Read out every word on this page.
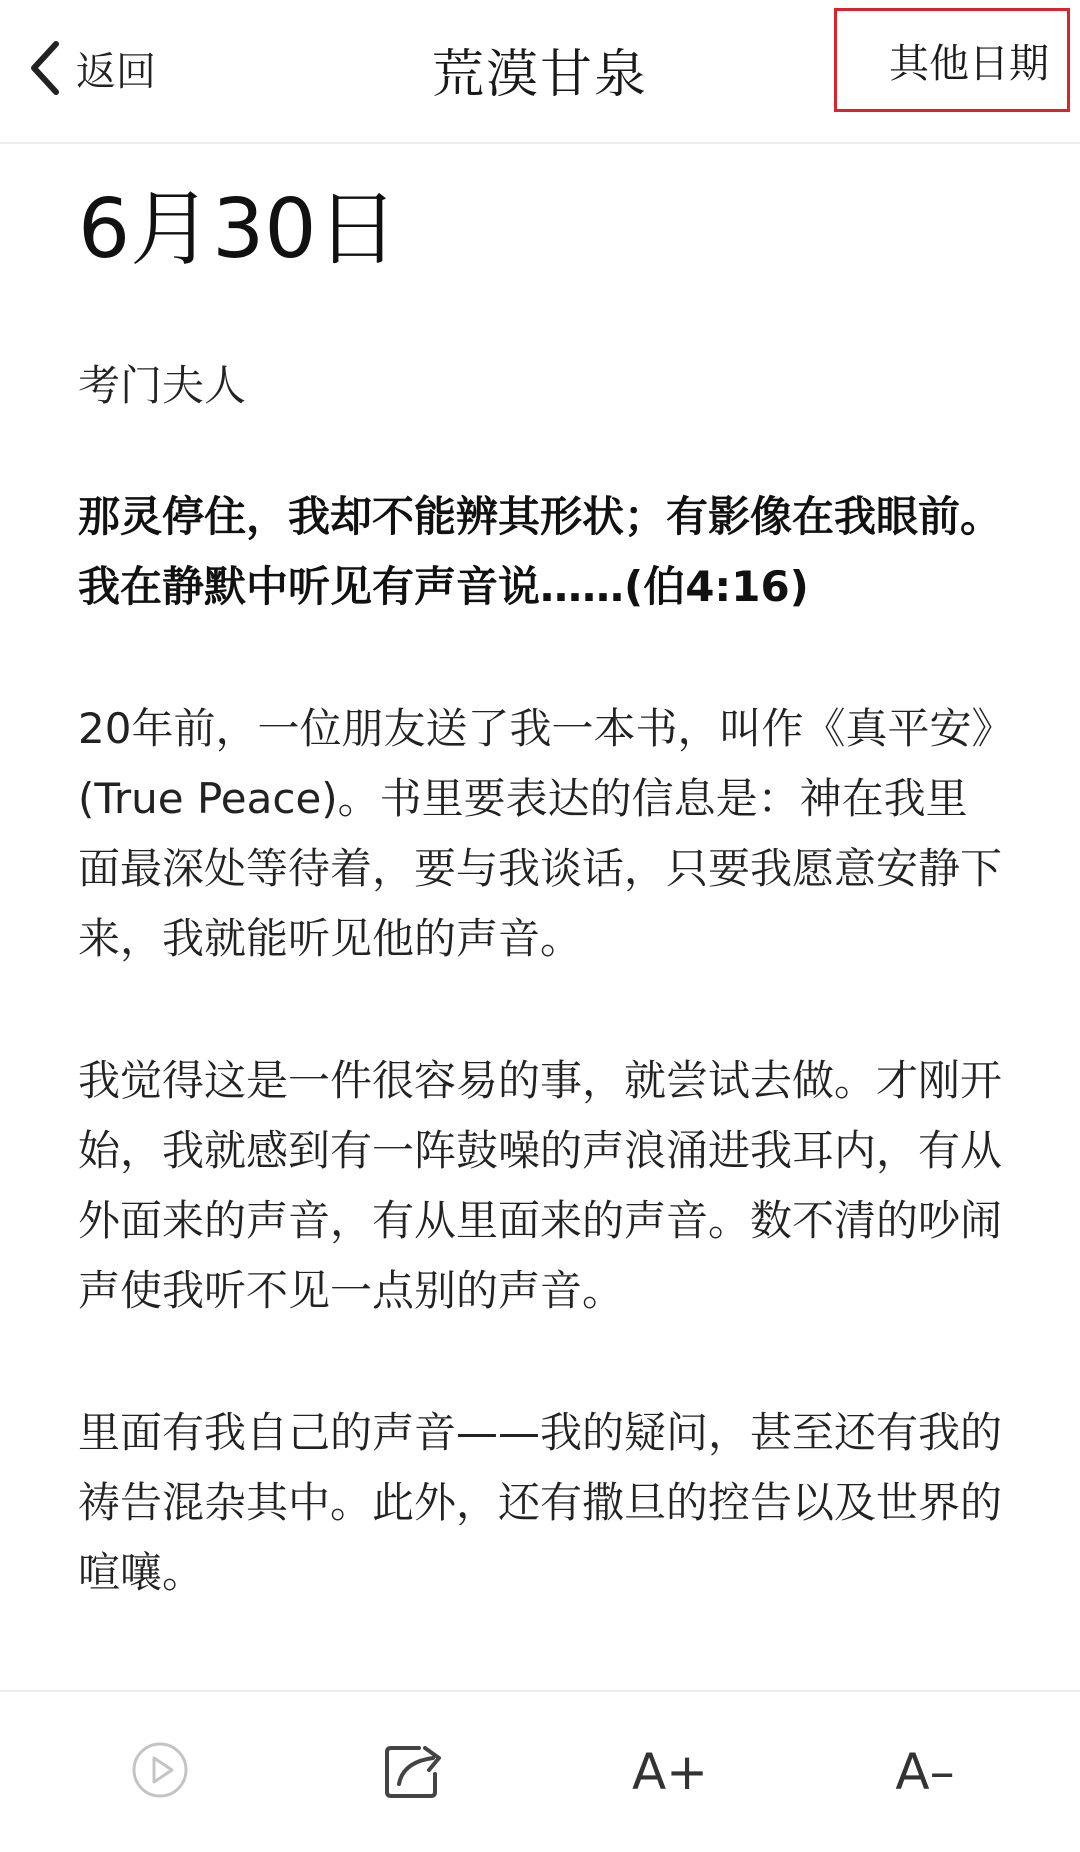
返回	荒漠甘泉	其他日期
6月30日
考门夫人
那灵停住，我却不能辨其形状；有影像在我眼前。我在静默中听见有声音说……(伯4:16)
20年前，一位朋友送了我一本书，叫作《真平安》(True Peace)。书里要表达的信息是：神在我里面最深处等待着，要与我谈话，只要我愿意安静下来，我就能听见他的声音。
我觉得这是一件很容易的事，就尝试去做。才刚开始，我就感到有一阵鼓噪的声浪涌进我耳内，有从外面来的声音，有从里面来的声音。数不清的吵闹声使我听不见一点别的声音。
里面有我自己的声音——我的疑问，甚至还有我的祷告混杂其中。此外，还有撒旦的控告以及世界的喧嚷。
A+	A–
